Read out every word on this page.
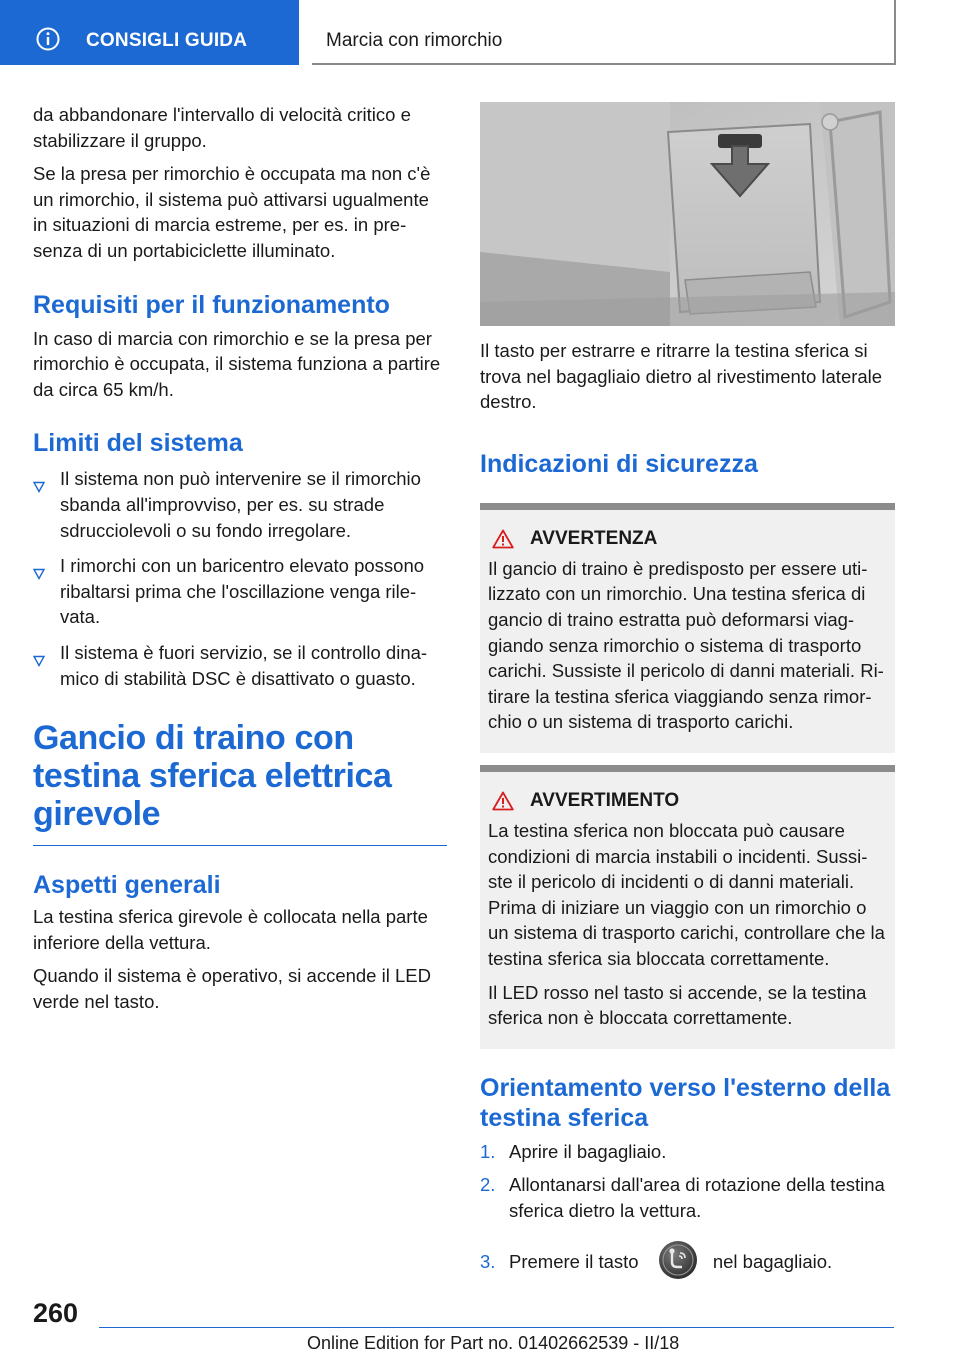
CONSIGLI GUIDA	Marcia con rimorchio

da abbandonare l'intervallo di velocità critico e stabilizzare il gruppo.

Se la presa per rimorchio è occupata ma non c'è un rimorchio, il sistema può attivarsi ugualmente in situazioni di marcia estreme, per es. in pre-senza di un portabiciclette illuminato.

Requisiti per il funzionamento

In caso di marcia con rimorchio e se la presa per rimorchio è occupata, il sistema funziona a partire da circa 65 km/h.

Limiti del sistema
Il sistema non può intervenire se il rimorchio sbanda all'improvviso, per es. su strade sdrucciolevoli o su fondo irregolare.
I rimorchi con un baricentro elevato possono ribaltarsi prima che l'oscillazione venga rile-vata.
Il sistema è fuori servizio, se il controllo dina-mico di stabilità DSC è disattivato o guasto.
Gancio di traino con testina sferica elettrica girevole
Aspetti generali

La testina sferica girevole è collocata nella parte inferiore della vettura.

Quando il sistema è operativo, si accende il LED verde nel tasto.

Il tasto per estrarre e ritrarre la testina sferica si trova nel bagagliaio dietro al rivestimento laterale destro.

Indicazioni di sicurezza
AVVERTENZA

Il gancio di traino è predisposto per essere uti-lizzato con un rimorchio. Una testina sferica di gancio di traino estratta può deformarsi viag-giando senza rimorchio o sistema di trasporto carichi. Sussiste il pericolo di danni materiali. Ri-tirare la testina sferica viaggiando senza rimor-chio o un sistema di trasporto carichi.

AVVERTIMENTO

La testina sferica non bloccata può causare condizioni di marcia instabili o incidenti. Sussi-ste il pericolo di incidenti o di danni materiali. Prima di iniziare un viaggio con un rimorchio o un sistema di trasporto carichi, controllare che la testina sferica sia bloccata correttamente.

Il LED rosso nel tasto si accende, se la testina sferica non è bloccata correttamente.

Orientamento verso l'esterno della testina sferica
1. Aprire il bagagliaio.
2. Allontanarsi dall'area di rotazione della testina sferica dietro la vettura.
3. Premere il tasto	nel bagagliaio.
260
Online Edition for Part no. 01402662539 - II/18
